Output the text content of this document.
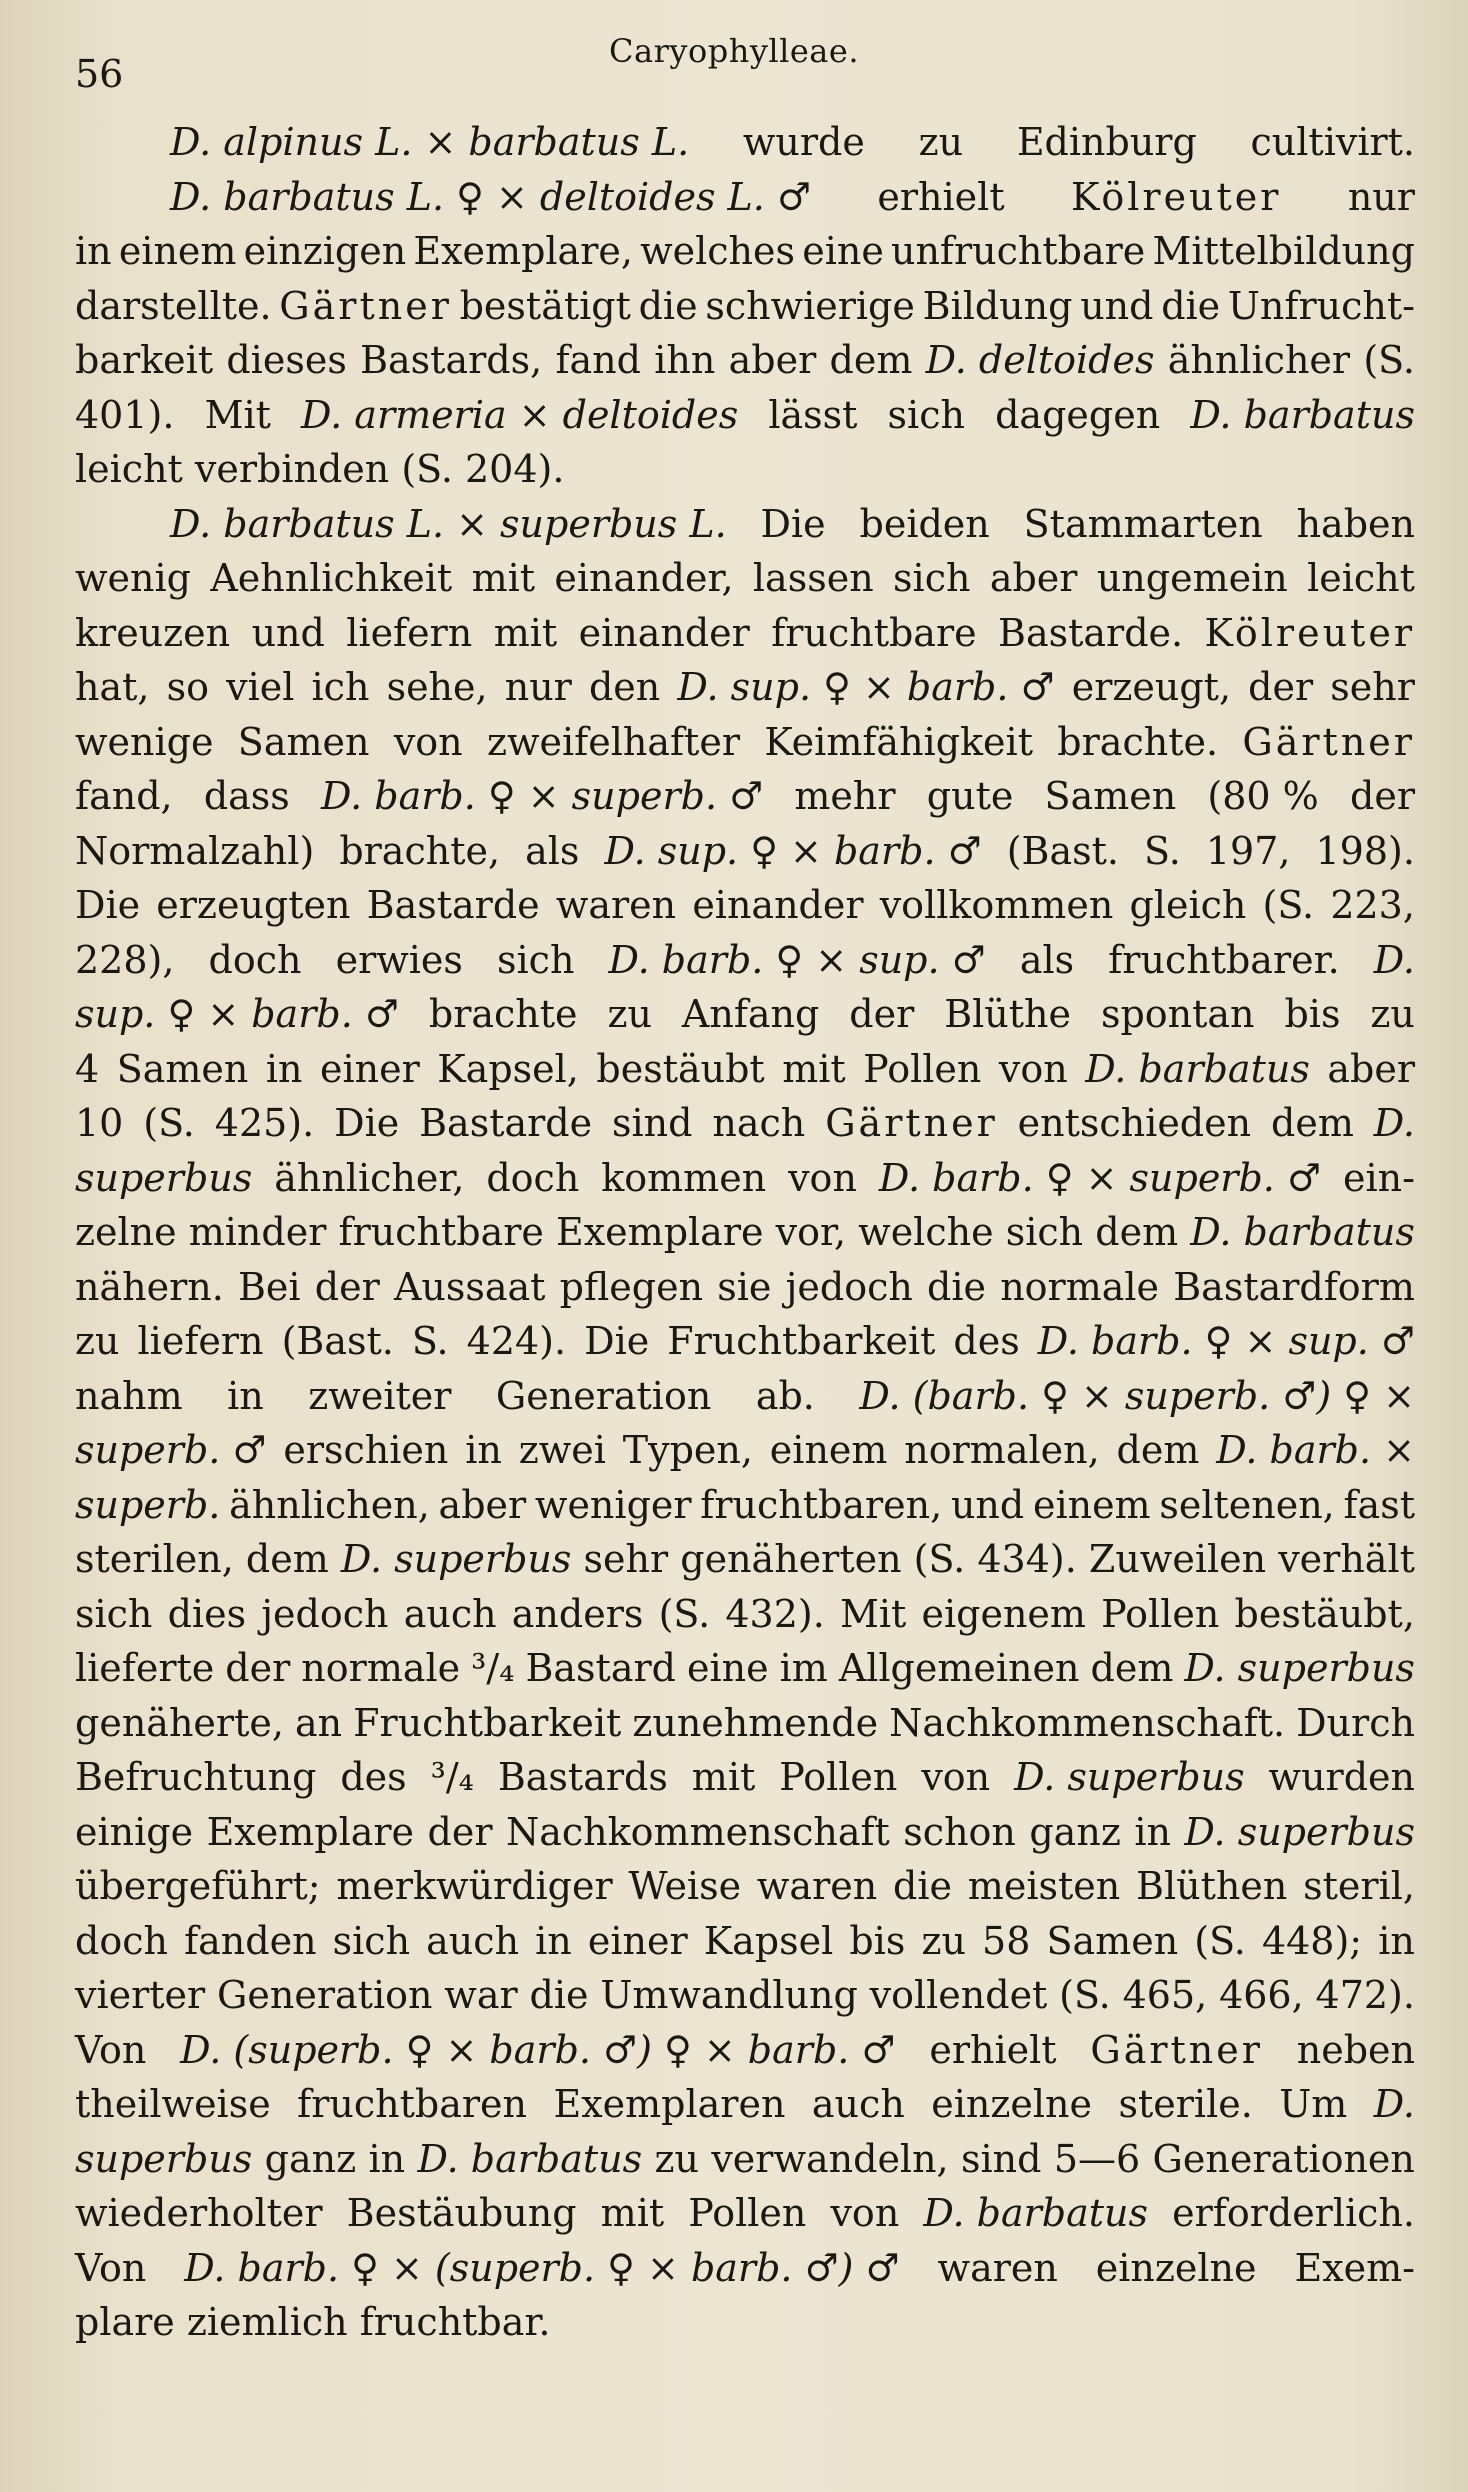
56
Caryophylleae.
D. alpinus L. × barbatus L. wurde zu Edinburg cultivirt.
D. barbatus L. ♀ × deltoides L. ♂ erhielt Kölreuter nur
in einem einzigen Exemplare, welches eine unfruchtbare Mittelbildung
darstellte. Gärtner bestätigt die schwierige Bildung und die Unfrucht-
barkeit dieses Bastards, fand ihn aber dem D. deltoides ähnlicher (S.
401). Mit D. armeria × deltoides lässt sich dagegen D. barbatus
leicht verbinden (S. 204).
D. barbatus L. × superbus L. Die beiden Stammarten haben
wenig Aehnlichkeit mit einander, lassen sich aber ungemein leicht
kreuzen und liefern mit einander fruchtbare Bastarde. Kölreuter
hat, so viel ich sehe, nur den D. sup. ♀ × barb. ♂ erzeugt, der sehr
wenige Samen von zweifelhafter Keimfähigkeit brachte. Gärtner
fand, dass D. barb. ♀ × superb. ♂ mehr gute Samen (80 % der
Normalzahl) brachte, als D. sup. ♀ × barb. ♂ (Bast. S. 197, 198).
Die erzeugten Bastarde waren einander vollkommen gleich (S. 223,
228), doch erwies sich D. barb. ♀ × sup. ♂ als fruchtbarer. D.
sup. ♀ × barb. ♂ brachte zu Anfang der Blüthe spontan bis zu
4 Samen in einer Kapsel, bestäubt mit Pollen von D. barbatus aber
10 (S. 425). Die Bastarde sind nach Gärtner entschieden dem D.
superbus ähnlicher, doch kommen von D. barb. ♀ × superb. ♂ ein-
zelne minder fruchtbare Exemplare vor, welche sich dem D. barbatus
nähern. Bei der Aussaat pflegen sie jedoch die normale Bastardform
zu liefern (Bast. S. 424). Die Fruchtbarkeit des D. barb. ♀ × sup. ♂
nahm in zweiter Generation ab. D. (barb. ♀ × superb. ♂) ♀ ×
superb. ♂ erschien in zwei Typen, einem normalen, dem D. barb. ×
superb. ähnlichen, aber weniger fruchtbaren, und einem seltenen, fast
sterilen, dem D. superbus sehr genäherten (S. 434). Zuweilen verhält
sich dies jedoch auch anders (S. 432). Mit eigenem Pollen bestäubt,
lieferte der normale ³/₄ Bastard eine im Allgemeinen dem D. superbus
genäherte, an Fruchtbarkeit zunehmende Nachkommenschaft. Durch
Befruchtung des ³/₄ Bastards mit Pollen von D. superbus wurden
einige Exemplare der Nachkommenschaft schon ganz in D. superbus
übergeführt; merkwürdiger Weise waren die meisten Blüthen steril,
doch fanden sich auch in einer Kapsel bis zu 58 Samen (S. 448); in
vierter Generation war die Umwandlung vollendet (S. 465, 466, 472).
Von D. (superb. ♀ × barb. ♂) ♀ × barb. ♂ erhielt Gärtner neben
theilweise fruchtbaren Exemplaren auch einzelne sterile. Um D.
superbus ganz in D. barbatus zu verwandeln, sind 5—6 Generationen
wiederholter Bestäubung mit Pollen von D. barbatus erforderlich.
Von D. barb. ♀ × (superb. ♀ × barb. ♂) ♂ waren einzelne Exem-
plare ziemlich fruchtbar.
